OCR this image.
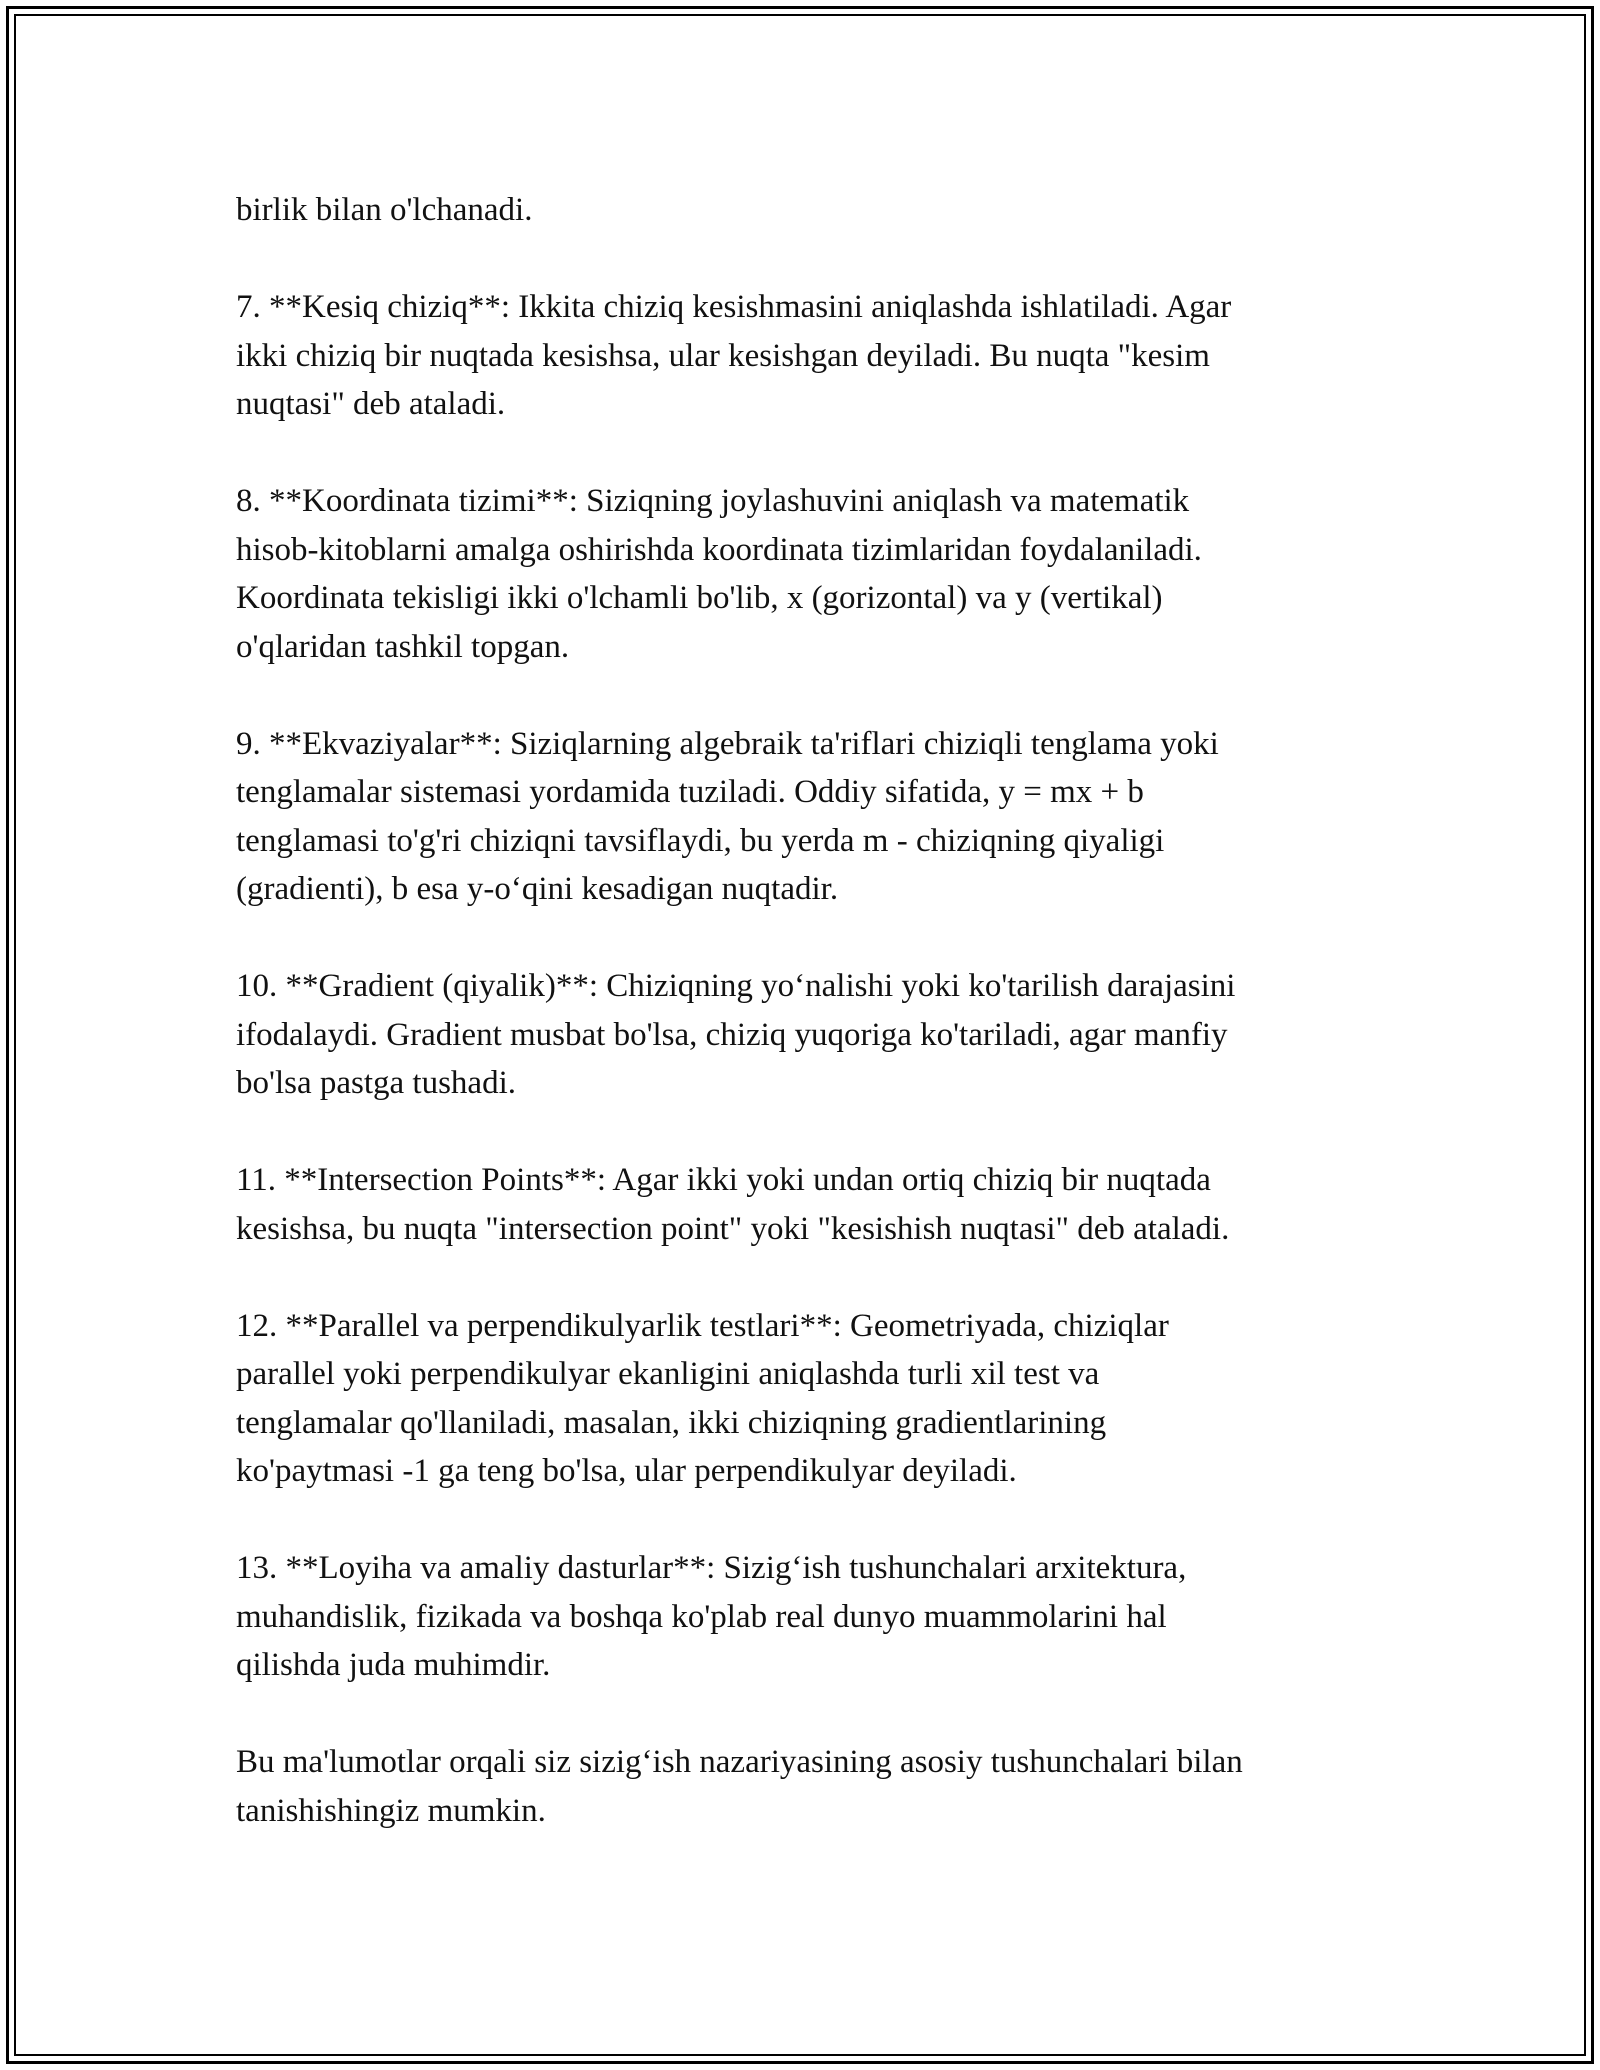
birlik bilan o'lchanadi.

7. **Kesiq chiziq**: Ikkita chiziq kesishmasini aniqlashda ishlatiladi. Agar
ikki chiziq bir nuqtada kesishsa, ular kesishgan deyiladi. Bu nuqta "kesim
nuqtasi" deb ataladi.

8. **Koordinata tizimi**: Siziqning joylashuvini aniqlash va matematik
hisob-kitoblarni amalga oshirishda koordinata tizimlaridan foydalaniladi.
Koordinata tekisligi ikki o'lchamli bo'lib, x (gorizontal) va y (vertikal)
o'qlaridan tashkil topgan.

9. **Ekvaziyalar**: Siziqlarning algebraik ta'riflari chiziqli tenglama yoki
tenglamalar sistemasi yordamida tuziladi. Oddiy sifatida, y = mx + b
tenglamasi to'g'ri chiziqni tavsiflaydi, bu yerda m - chiziqning qiyaligi
(gradienti), b esa y-o‘qini kesadigan nuqtadir.

10. **Gradient (qiyalik)**: Chiziqning yo‘nalishi yoki ko'tarilish darajasini
ifodalaydi. Gradient musbat bo'lsa, chiziq yuqoriga ko'tariladi, agar manfiy
bo'lsa pastga tushadi.

11. **Intersection Points**: Agar ikki yoki undan ortiq chiziq bir nuqtada
kesishsa, bu nuqta "intersection point" yoki "kesishish nuqtasi" deb ataladi.

12. **Parallel va perpendikulyarlik testlari**: Geometriyada, chiziqlar
parallel yoki perpendikulyar ekanligini aniqlashda turli xil test va
tenglamalar qo'llaniladi, masalan, ikki chiziqning gradientlarining
ko'paytmasi -1 ga teng bo'lsa, ular perpendikulyar deyiladi.

13. **Loyiha va amaliy dasturlar**: Sizig‘ish tushunchalari arxitektura,
muhandislik, fizikada va boshqa ko'plab real dunyo muammolarini hal
qilishda juda muhimdir.

Bu ma'lumotlar orqali siz sizig‘ish nazariyasining asosiy tushunchalari bilan
tanishishingiz mumkin.
